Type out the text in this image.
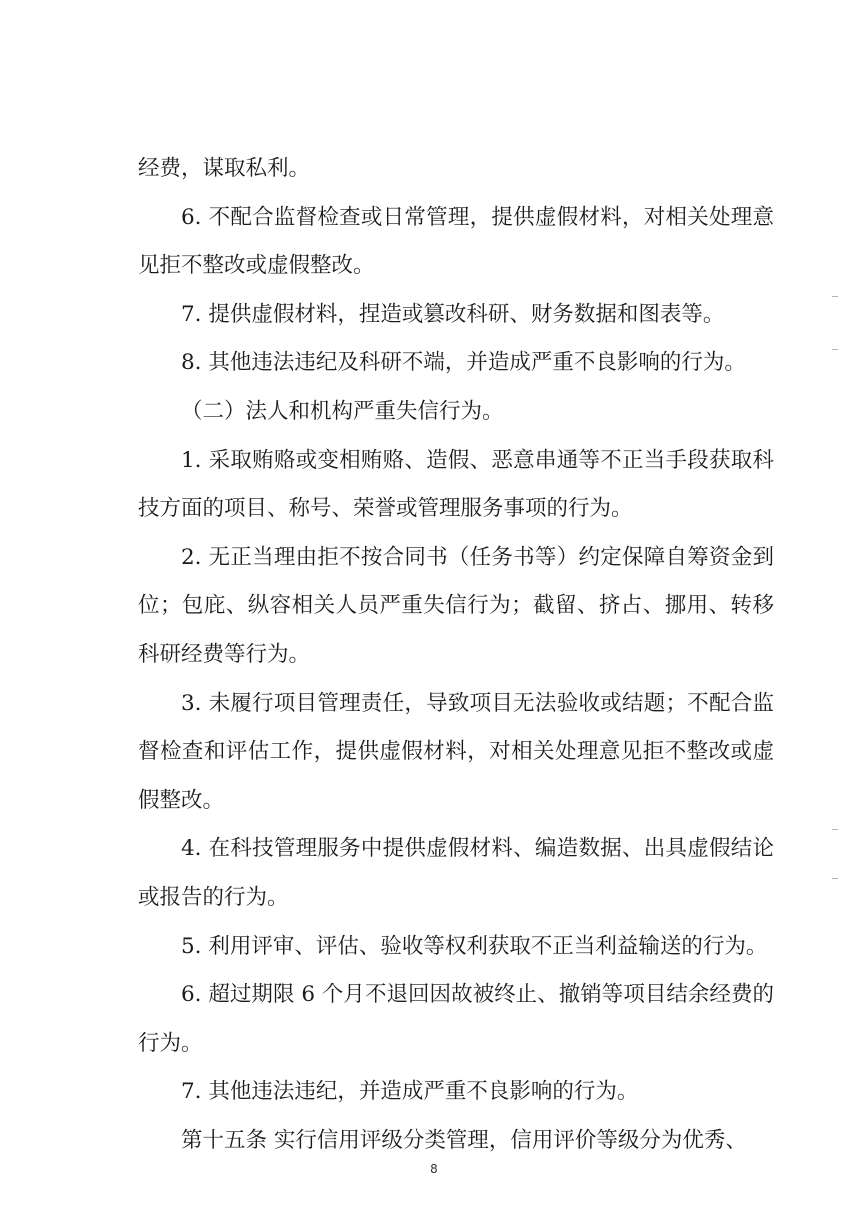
经费，谋取私利。

6. 不配合监督检查或日常管理，提供虚假材料，对相关处理意见拒不整改或虚假整改。

7. 提供虚假材料，捏造或篡改科研、财务数据和图表等。

8. 其他违法违纪及科研不端，并造成严重不良影响的行为。

（二）法人和机构严重失信行为。

1. 采取贿赂或变相贿赂、造假、恶意串通等不正当手段获取科技方面的项目、称号、荣誉或管理服务事项的行为。

2. 无正当理由拒不按合同书（任务书等）约定保障自筹资金到位；包庇、纵容相关人员严重失信行为；截留、挤占、挪用、转移科研经费等行为。

3. 未履行项目管理责任，导致项目无法验收或结题；不配合监督检查和评估工作，提供虚假材料，对相关处理意见拒不整改或虚假整改。

4. 在科技管理服务中提供虚假材料、编造数据、出具虚假结论或报告的行为。

5. 利用评审、评估、验收等权利获取不正当利益输送的行为。

6. 超过期限 6 个月不退回因故被终止、撤销等项目结余经费的行为。

7. 其他违法违纪，并造成严重不良影响的行为。

第十五条 实行信用评级分类管理，信用评价等级分为优秀、

8
